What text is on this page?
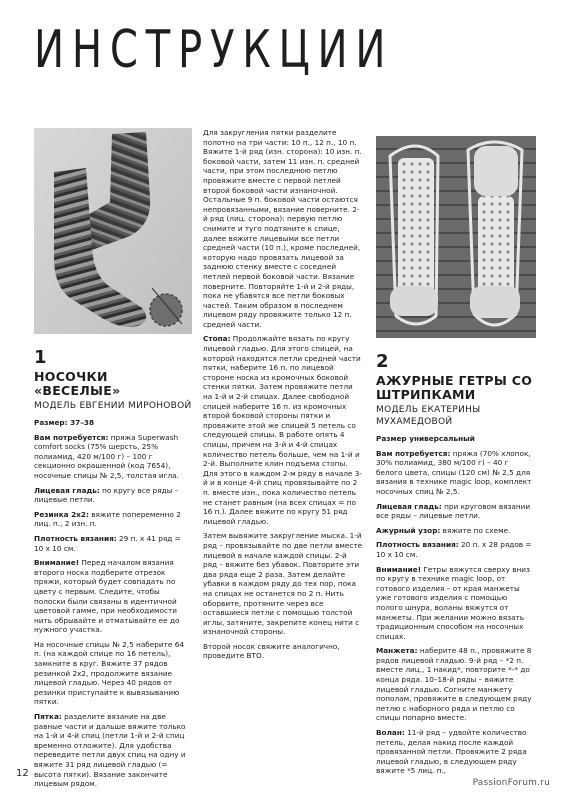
ИНСТРУКЦИИ
1
НОСОЧКИ «ВЕСЕЛЫЕ»
МОДЕЛЬ ЕВГЕНИИ МИРОНОВОЙ

Размер: 37–38

Вам потребуется: пряжа Superwash comfort socks (75% шерсть, 25% полиамид, 420 м/100 г) – 100 г секционно окрашенной (код 7654), носочные спицы № 2,5, толстая игла.

Лицевая гладь: по кругу все ряды – лицевые петли.

Резинка 2х2: вяжите попеременно 2 лиц. п., 2 изн. п.

Плотность вязания: 29 п. х 41 ряд = 10 х 10 см.

Внимание! Перед началом вязания второго носка подберите отрезок пряжи, который будет совпадать по цвету с первым. Следите, чтобы полоски были связаны в идентичной цветовой гамме, при необходимости нить обрывайте и отматывайте ее до нужного участка.

На носочные спицы № 2,5 наберите 64 п. (на каждой спице по 16 петель), замкните в круг. Вяжите 37 рядов резинкой 2х2, продолжите вязание лицевой гладью. Через 40 рядов от резинки приступайте к вывязыванию пятки.

Пятка: разделите вязание на две равные части и дальше вяжите только на 1-й и 4-й спиц (петли 1-й и 2-й спиц временно отложите). Для удобства переведите петли двух спиц на одну и вяжите 31 ряд лицевой гладью (= высота пятки). Вязание закончите лицевым рядом.

Для закругления пятки разделите полотно на три части: 10 п., 12 п., 10 п. Вяжите 1-й ряд (изн. сторона): 10 изн. п. боковой части, затем 11 изн. п. средней части, при этом последнюю петлю провяжите вместе с первой петлей второй боковой части изнаночной. Остальные 9 п. боковой части остаются непровязанными, вязание поверните. 2-й ряд (лиц. сторона): первую петлю снимите и туго подтяните к спице, далее вяжите лицевыми все петли средней части (10 п.), кроме последней, которую надо провязать лицевой за заднюю стенку вместе с соседней петлей первой боковой части. Вязание поверните. Повторяйте 1-й и 2-й ряды, пока не убавятся все петли боковых частей. Таким образом в последнем лицевом ряду провяжите только 12 п. средней части.

Стопа: Продолжайте вязать по кругу лицевой гладью. Для этого спицей, на которой находятся петли средней части пятки, наберите 16 п. по лицевой стороне носка из кромочных боковой стенки пятки. Затем провяжите петли на 1-й и 2-й спицах. Далее свободной спицей наберите 16 п. из кромочных второй боковой стороны пятки и провяжите этой же спицей 5 петель со следующей спицы. В работе опять 4 спицы, причем на 3-й и 4-й спицах количество петель больше, чем на 1-й и 2-й. Выполните клин подъема стопы. Для этого в каждом 2-м ряду в начале 3-й и в конце 4-й спиц провязывайте по 2 п. вместе изн., пока количество петель не станет равным (на всех спицах = по 16 п.). Далее вяжите по кругу 51 ряд лицевой гладью.

Затем вывяжите закругление мыска. 1-й ряд – провязывайте по две петли вместе лицевой в начале каждой спицы. 2-й ряд – вяжите без убавок. Повторите эти два ряда еще 2 раза. Затем делайте убавки в каждом ряду до тех пор, пока на спицах не останется по 2 п. Нить оборвите, протяните через все оставшиеся петли с помощью толстой иглы, затяните, закрепите конец нити с изнаночной стороны.

Второй носок свяжите аналогично, проведите ВТО.

2
АЖУРНЫЕ ГЕТРЫ СО ШТРИПКАМИ
МОДЕЛЬ ЕКАТЕРИНЫ МУХАМЕДОВОЙ

Размер универсальный

Вам потребуется: пряжа (70% хлопок, 30% полиамид, 380 м/100 г) – 40 г белого цвета, спицы (120 см) № 2,5 для вязания в технике magic loop, комплект носочных спиц № 2,5.

Лицевая гладь: при круговом вязании все ряды – лицевые петли.

Ажурный узор: вяжите по схеме.

Плотность вязания: 20 п. х 28 рядов = 10 х 10 см.

Внимание! Гетры вяжутся сверху вниз по кругу в технике magic loop, от готового изделия – от края манжеты уже готового изделия с помощью полого шнура, воланы вяжутся от манжеты. При желании можно вязать традиционным способом на носочных спицах.

Манжета: наберите 48 п., провяжите 8 рядов лицевой гладью. 9-й ряд – *2 п. вместе лиц., 1 накид*, повторите *-* до конца ряда. 10–18-й ряды – вяжите лицевой гладью. Согните манжету пополам, провяжите в следующем ряду петлю с наборного ряда и петлю со спицы попарно вместе.

Волан: 11-й ряд – удвойте количество петель, делая накид после каждой провязанной петли. Провяжите 2 ряда лицевой гладью, в следующем ряду вяжите *5 лиц. п.,

12
PassionForum.ru
